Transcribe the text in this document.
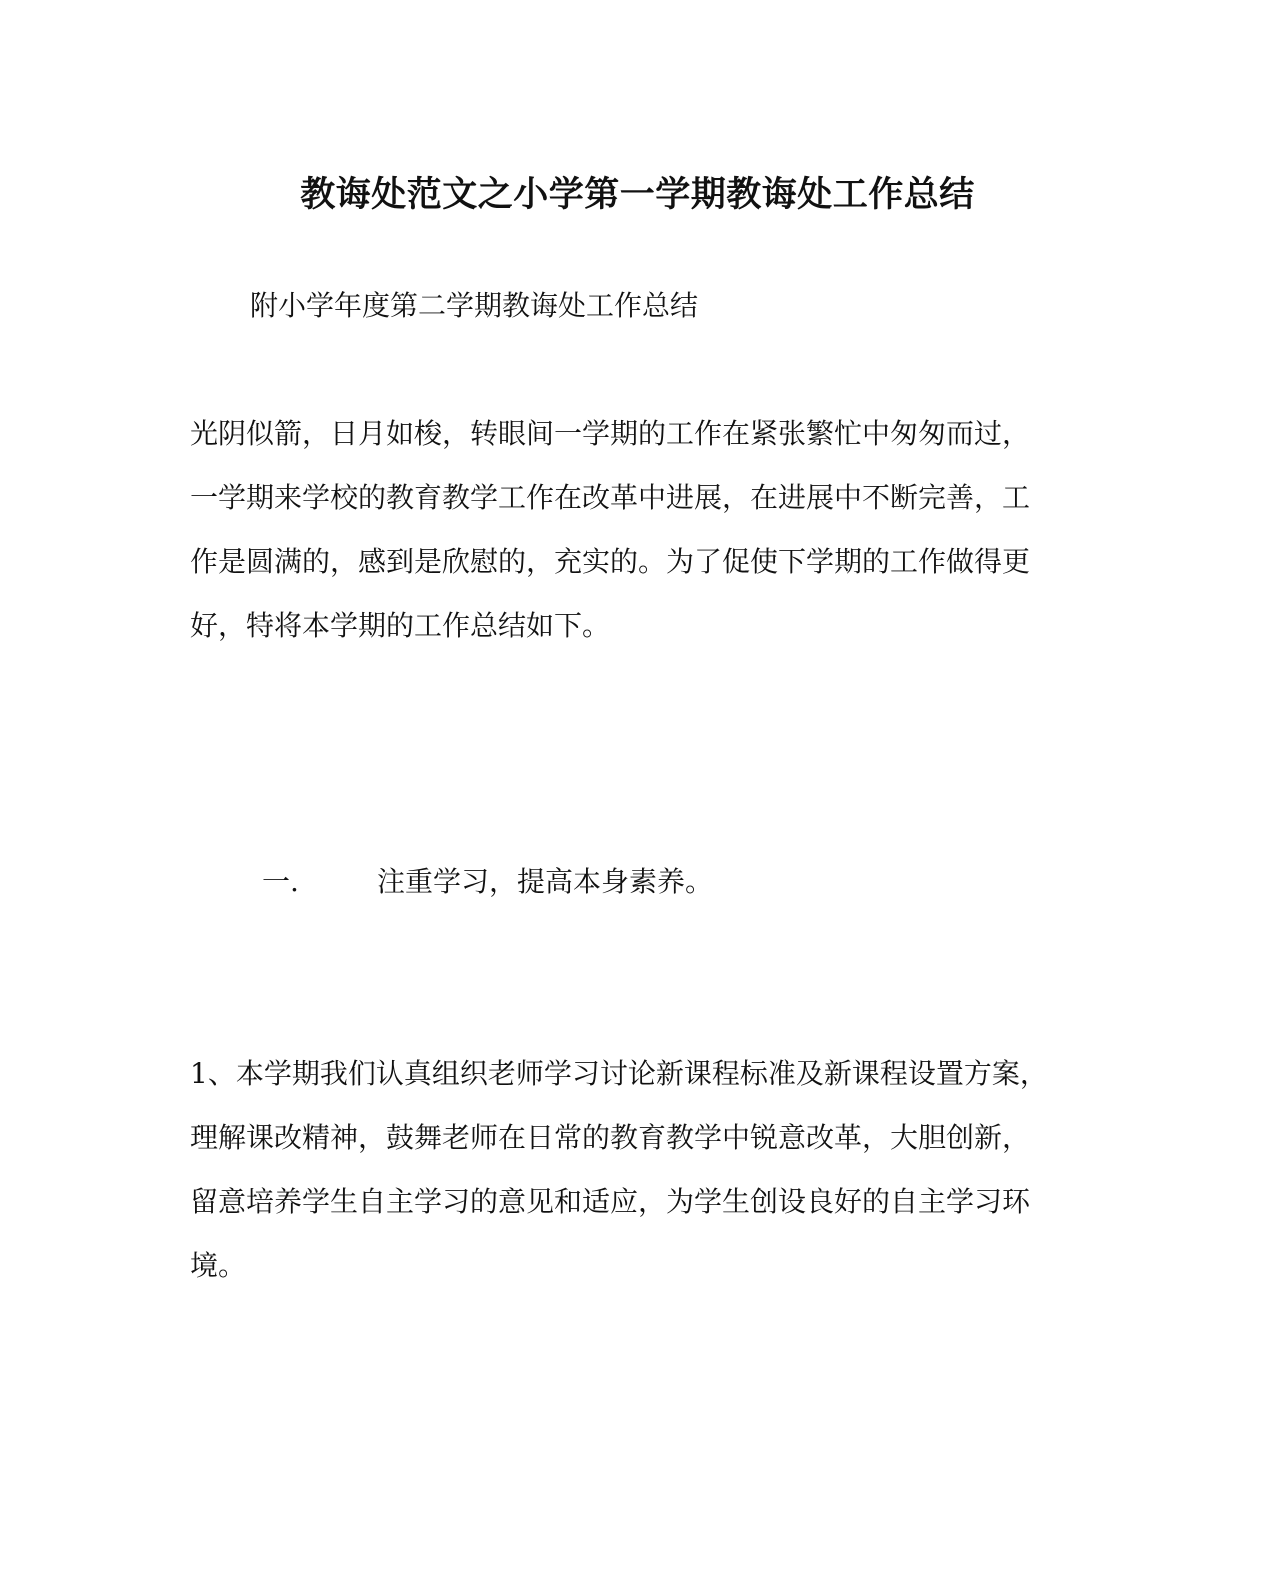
教诲处范文之小学第一学期教诲处工作总结
附小学年度第二学期教诲处工作总结
光阴似箭，日月如梭，转眼间一学期的工作在紧张繁忙中匆匆而过，
一学期来学校的教育教学工作在改革中进展，在进展中不断完善，工
作是圆满的，感到是欣慰的，充实的。为了促使下学期的工作做得更
好，特将本学期的工作总结如下。
一.	注重学习，提高本身素养。
1、本学期我们认真组织老师学习讨论新课程标准及新课程设置方案，
理解课改精神，鼓舞老师在日常的教育教学中锐意改革，大胆创新，
留意培养学生自主学习的意见和适应，为学生创设良好的自主学习环
境。
